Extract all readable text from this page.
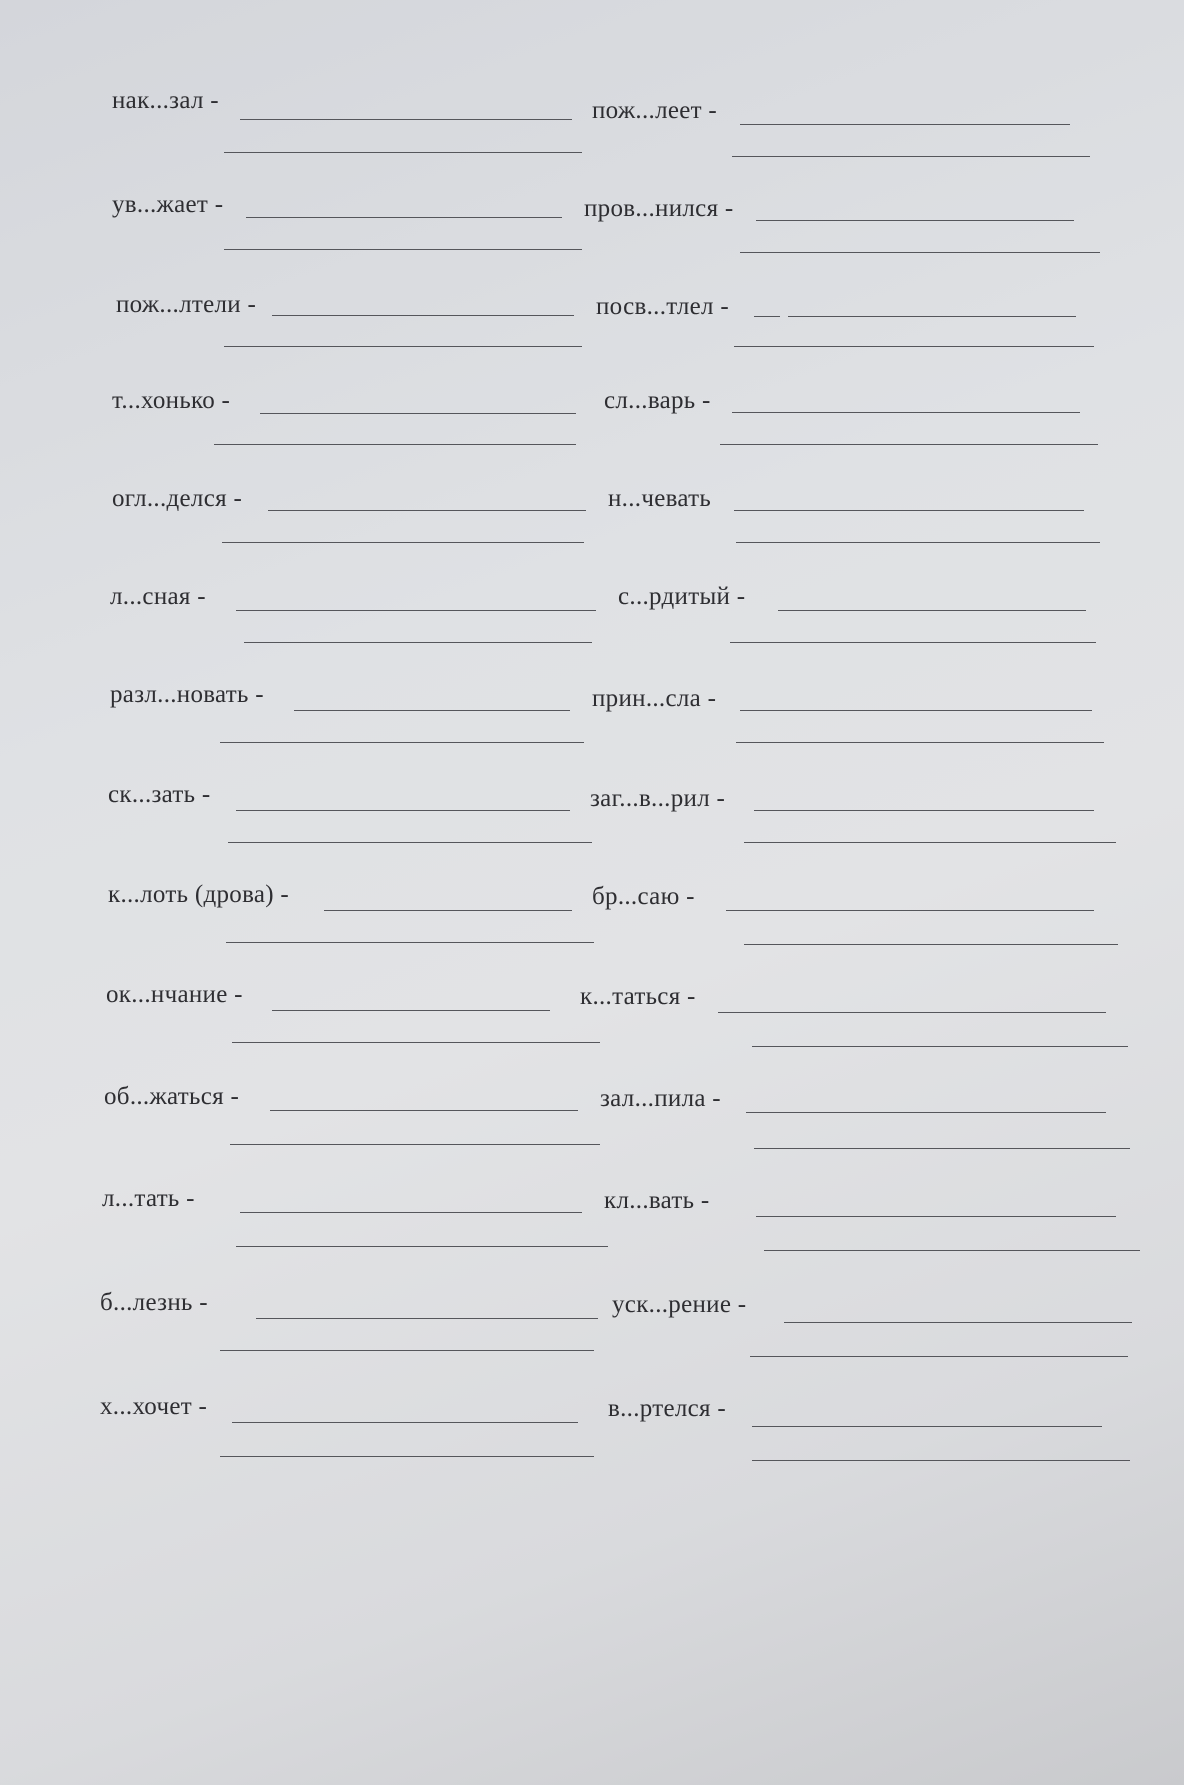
нак...зал -	пож...леет -
ув...жает -	пров...нился -
пож...лтели -	посв...тлел -
т...хонько -	сл...варь -
огл...делся -	н...чевать
л...сная -	с...рдитый -
разл...новать -	прин...сла -
ск...зать -	заг...в...рил -
к...лоть (дрова) -	бр...саю -
ок...нчание -	к...таться -
об...жаться -	зал...пила -
л...тать -	кл...вать -
б...лезнь -	уск...рение -
х...хочет -	в...ртелся -
